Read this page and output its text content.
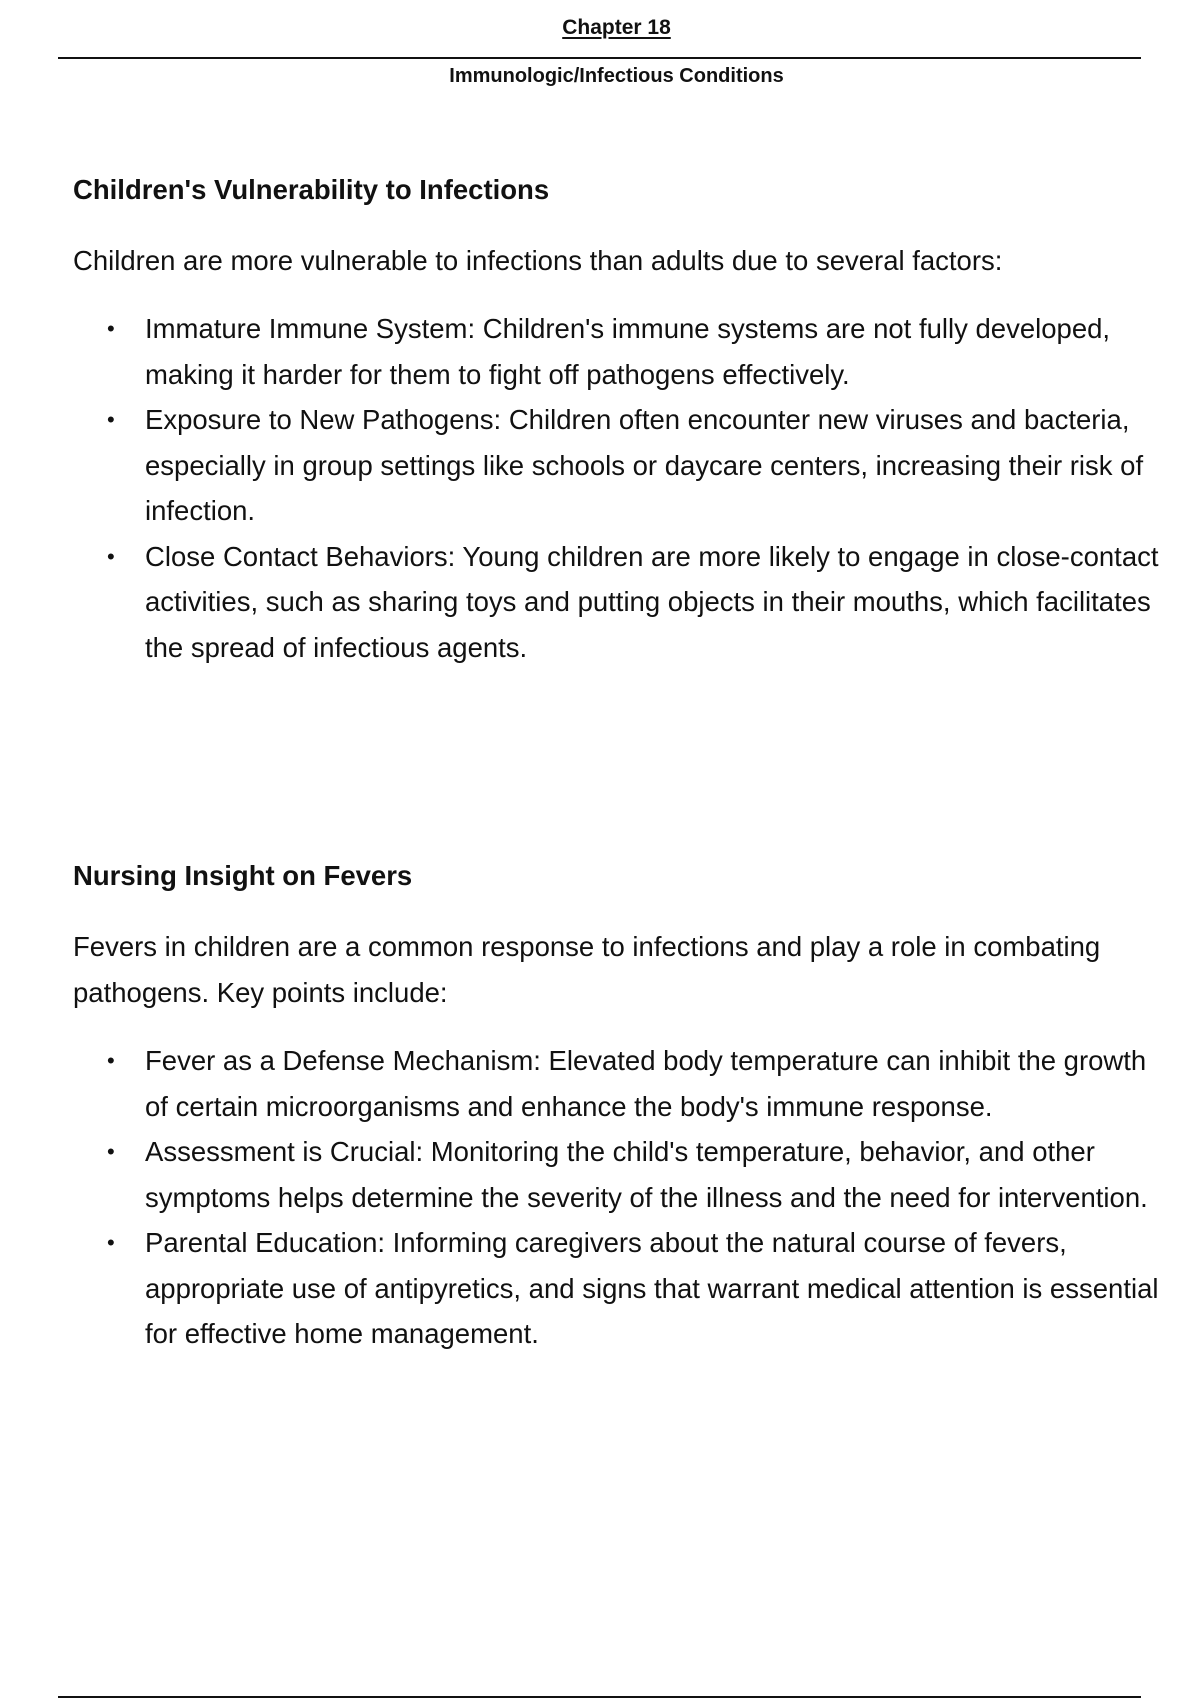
Chapter 18
Immunologic/Infectious Conditions
Children's Vulnerability to Infections

Children are more vulnerable to infections than adults due to several factors:

• Immature Immune System: Children's immune systems are not fully developed, making it harder for them to fight off pathogens effectively.
• Exposure to New Pathogens: Children often encounter new viruses and bacteria, especially in group settings like schools or daycare centers, increasing their risk of infection.
• Close Contact Behaviors: Young children are more likely to engage in close-contact activities, such as sharing toys and putting objects in their mouths, which facilitates the spread of infectious agents.
Nursing Insight on Fevers

Fevers in children are a common response to infections and play a role in combating pathogens. Key points include:

• Fever as a Defense Mechanism: Elevated body temperature can inhibit the growth of certain microorganisms and enhance the body's immune response.
• Assessment is Crucial: Monitoring the child's temperature, behavior, and other symptoms helps determine the severity of the illness and the need for intervention.
• Parental Education: Informing caregivers about the natural course of fevers, appropriate use of antipyretics, and signs that warrant medical attention is essential for effective home management.
